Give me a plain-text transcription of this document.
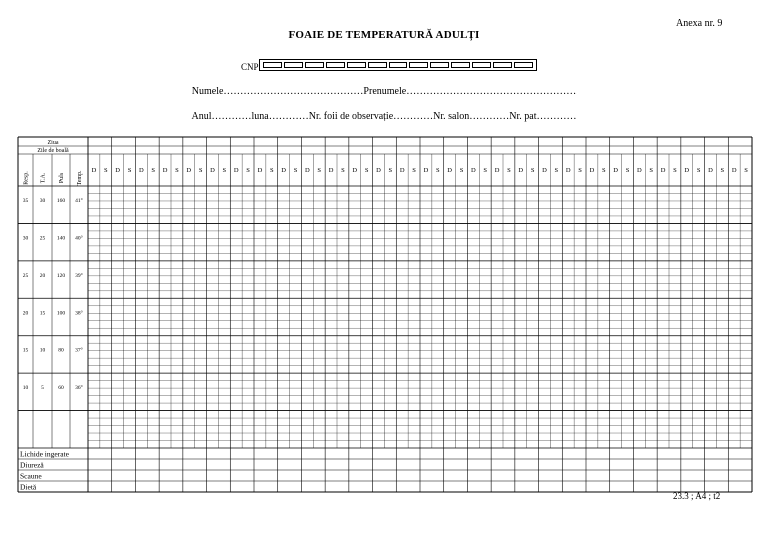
Anexa nr. 9
FOAIE DE TEMPERATURĂ ADULȚI
CNP
Numele……………………………………Prenumele……………………………………………
Anul…………luna…………Nr. foii de observație…………Nr. salon…………Nr. pat…………
Ziua
Zile de boală
Resp. T.A. Puls Temp. D S D S D S D S D S D S D S D S D S D S D S D S D S D S D S D S D S D S D S D S D S D S D S D S D S D S D S D S
35 30 160 41°
30 25 140 40°
25 20 120 39°
20 15 100 38°
15 10 80 37°
10 5	60 36°
Lichide ingerate
Diureză
Scaune
Dietă
23.3 ; A4 ; t2
